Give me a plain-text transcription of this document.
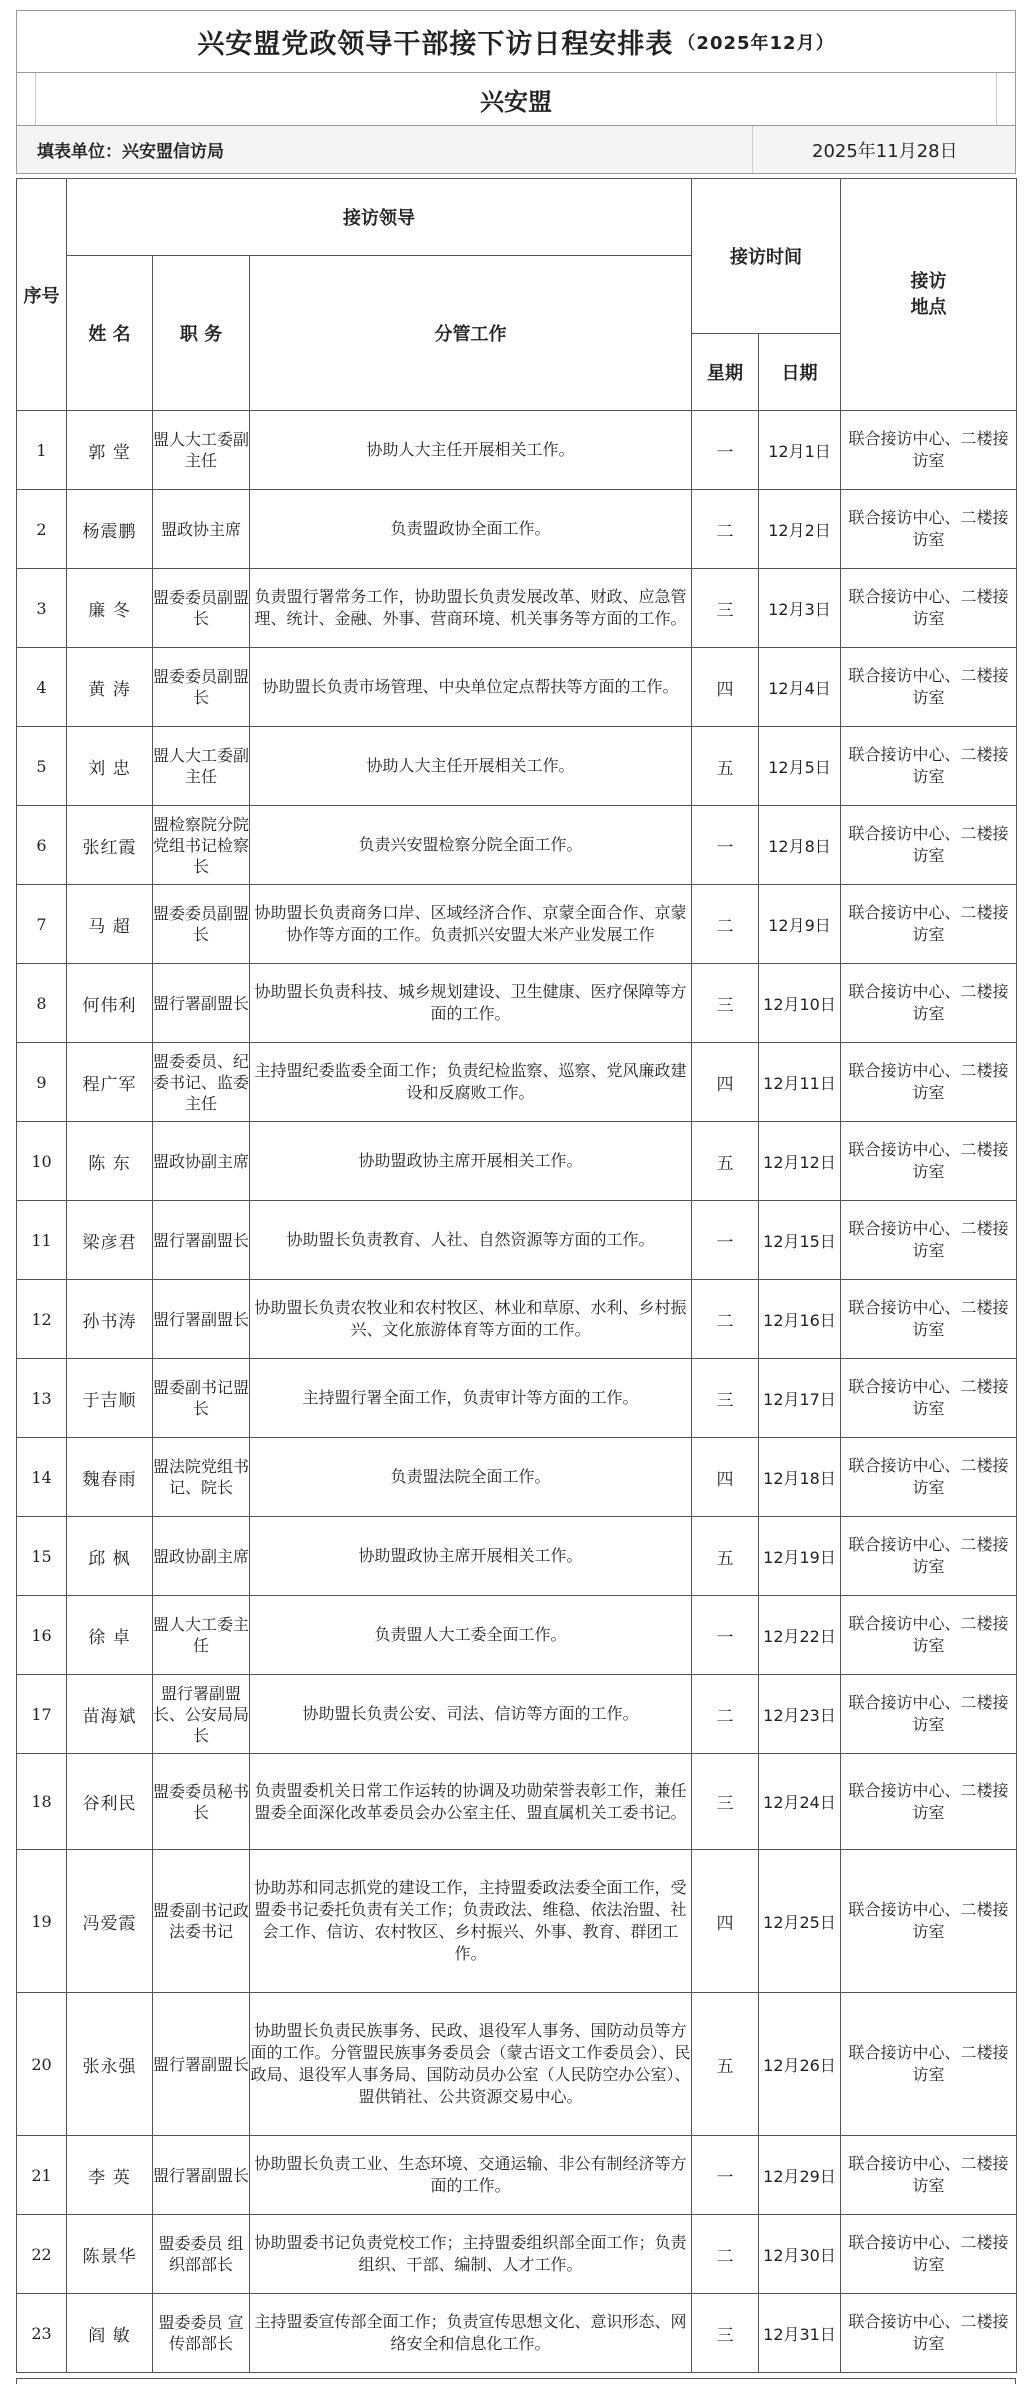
兴安盟党政领导干部接下访日程安排表 （2025年12月）
兴安盟
填表单位：兴安盟信访局	2025年11月28日
序号	接访领导			接访时间		接访地点
	姓 名	职 务	分管工作			
				星期	日期	
1	郭 堂	盟人大工委副主任	协助人大主任开展相关工作。	一	12月1日	联合接访中心、二楼接访室
2	杨震鹏	盟政协主席	负责盟政协全面工作。	二	12月2日	联合接访中心、二楼接访室
3	廉 冬	盟委委员副盟长	负责盟行署常务工作，协助盟长负责发展改革、财政、应急管理、统计、金融、外事、营商环境、机关事务等方面的工作。	三	12月3日	联合接访中心、二楼接访室
4	黄 涛	盟委委员副盟长	协助盟长负责市场管理、中央单位定点帮扶等方面的工作。	四	12月4日	联合接访中心、二楼接访室
5	刘 忠	盟人大工委副主任	协助人大主任开展相关工作。	五	12月5日	联合接访中心、二楼接访室
6	张红霞	盟检察院分院党组书记检察长	负责兴安盟检察分院全面工作。	一	12月8日	联合接访中心、二楼接访室
7	马 超	盟委委员副盟长	协助盟长负责商务口岸、区域经济合作、京蒙全面合作、京蒙协作等方面的工作。负责抓兴安盟大米产业发展工作	二	12月9日	联合接访中心、二楼接访室
8	何伟利	盟行署副盟长	协助盟长负责科技、城乡规划建设、卫生健康、医疗保障等方面的工作。	三	12月10日	联合接访中心、二楼接访室
9	程广军	盟委委员、纪委书记、监委主任	主持盟纪委监委全面工作；负责纪检监察、巡察、党风廉政建设和反腐败工作。	四	12月11日	联合接访中心、二楼接访室
10	陈 东	盟政协副主席	协助盟政协主席开展相关工作。	五	12月12日	联合接访中心、二楼接访室
11	梁彦君	盟行署副盟长	协助盟长负责教育、人社、自然资源等方面的工作。	一	12月15日	联合接访中心、二楼接访室
12	孙书涛	盟行署副盟长	协助盟长负责农牧业和农村牧区、林业和草原、水利、乡村振兴、文化旅游体育等方面的工作。	二	12月16日	联合接访中心、二楼接访室
13	于吉顺	盟委副书记盟 长	主持盟行署全面工作，负责审计等方面的工作。	三	12月17日	联合接访中心、二楼接访室
14	魏春雨	盟法院党组书记、院长	负责盟法院全面工作。	四	12月18日	联合接访中心、二楼接访室
15	邱 枫	盟政协副主席	协助盟政协主席开展相关工作。	五	12月19日	联合接访中心、二楼接访室
16	徐 卓	盟人大工委主 任	负责盟人大工委全面工作。	一	12月22日	联合接访中心、二楼接访室
17	苗海斌	盟行署副盟长、公安局局长	协助盟长负责公安、司法、信访等方面的工作。	二	12月23日	联合接访中心、二楼接访室
18	谷利民	盟委委员秘书长	负责盟委机关日常工作运转的协调及功勋荣誉表彰工作，兼任盟委全面深化改革委员会办公室主任、盟直属机关工委书记。	三	12月24日	联合接访中心、二楼接访室
19	冯爱霞	盟委副书记政法委书记	协助苏和同志抓党的建设工作，主持盟委政法委全面工作，受盟委书记委托负责有关工作；负责政法、维稳、依法治盟、社会工作、信访、农村牧区、乡村振兴、外事、教育、群团工作。	四	12月25日	联合接访中心、二楼接访室
20	张永强	盟行署副盟长	协助盟长负责民族事务、民政、退役军人事务、国防动员等方面的工作。分管盟民族事务委员会（蒙古语文工作委员会）、民政局、退役军人事务局、国防动员办公室（人民防空办公室）、盟供销社、公共资源交易中心。	五	12月26日	联合接访中心、二楼接访室
21	李 英	盟行署副盟长	协助盟长负责工业、生态环境、交通运输、非公有制经济等方面的工作。	一	12月29日	联合接访中心、二楼接访室
22	陈景华	盟委委员 组织部部长	协助盟委书记负责党校工作；主持盟委组织部全面工作；负责组织、干部、编制、人才工作。	二	12月30日	联合接访中心、二楼接访室
23	阎 敏	盟委委员 宣传部部长	主持盟委宣传部全面工作；负责宣传思想文化、意识形态、网络安全和信息化工作。	三	12月31日	联合接访中心、二楼接访室
